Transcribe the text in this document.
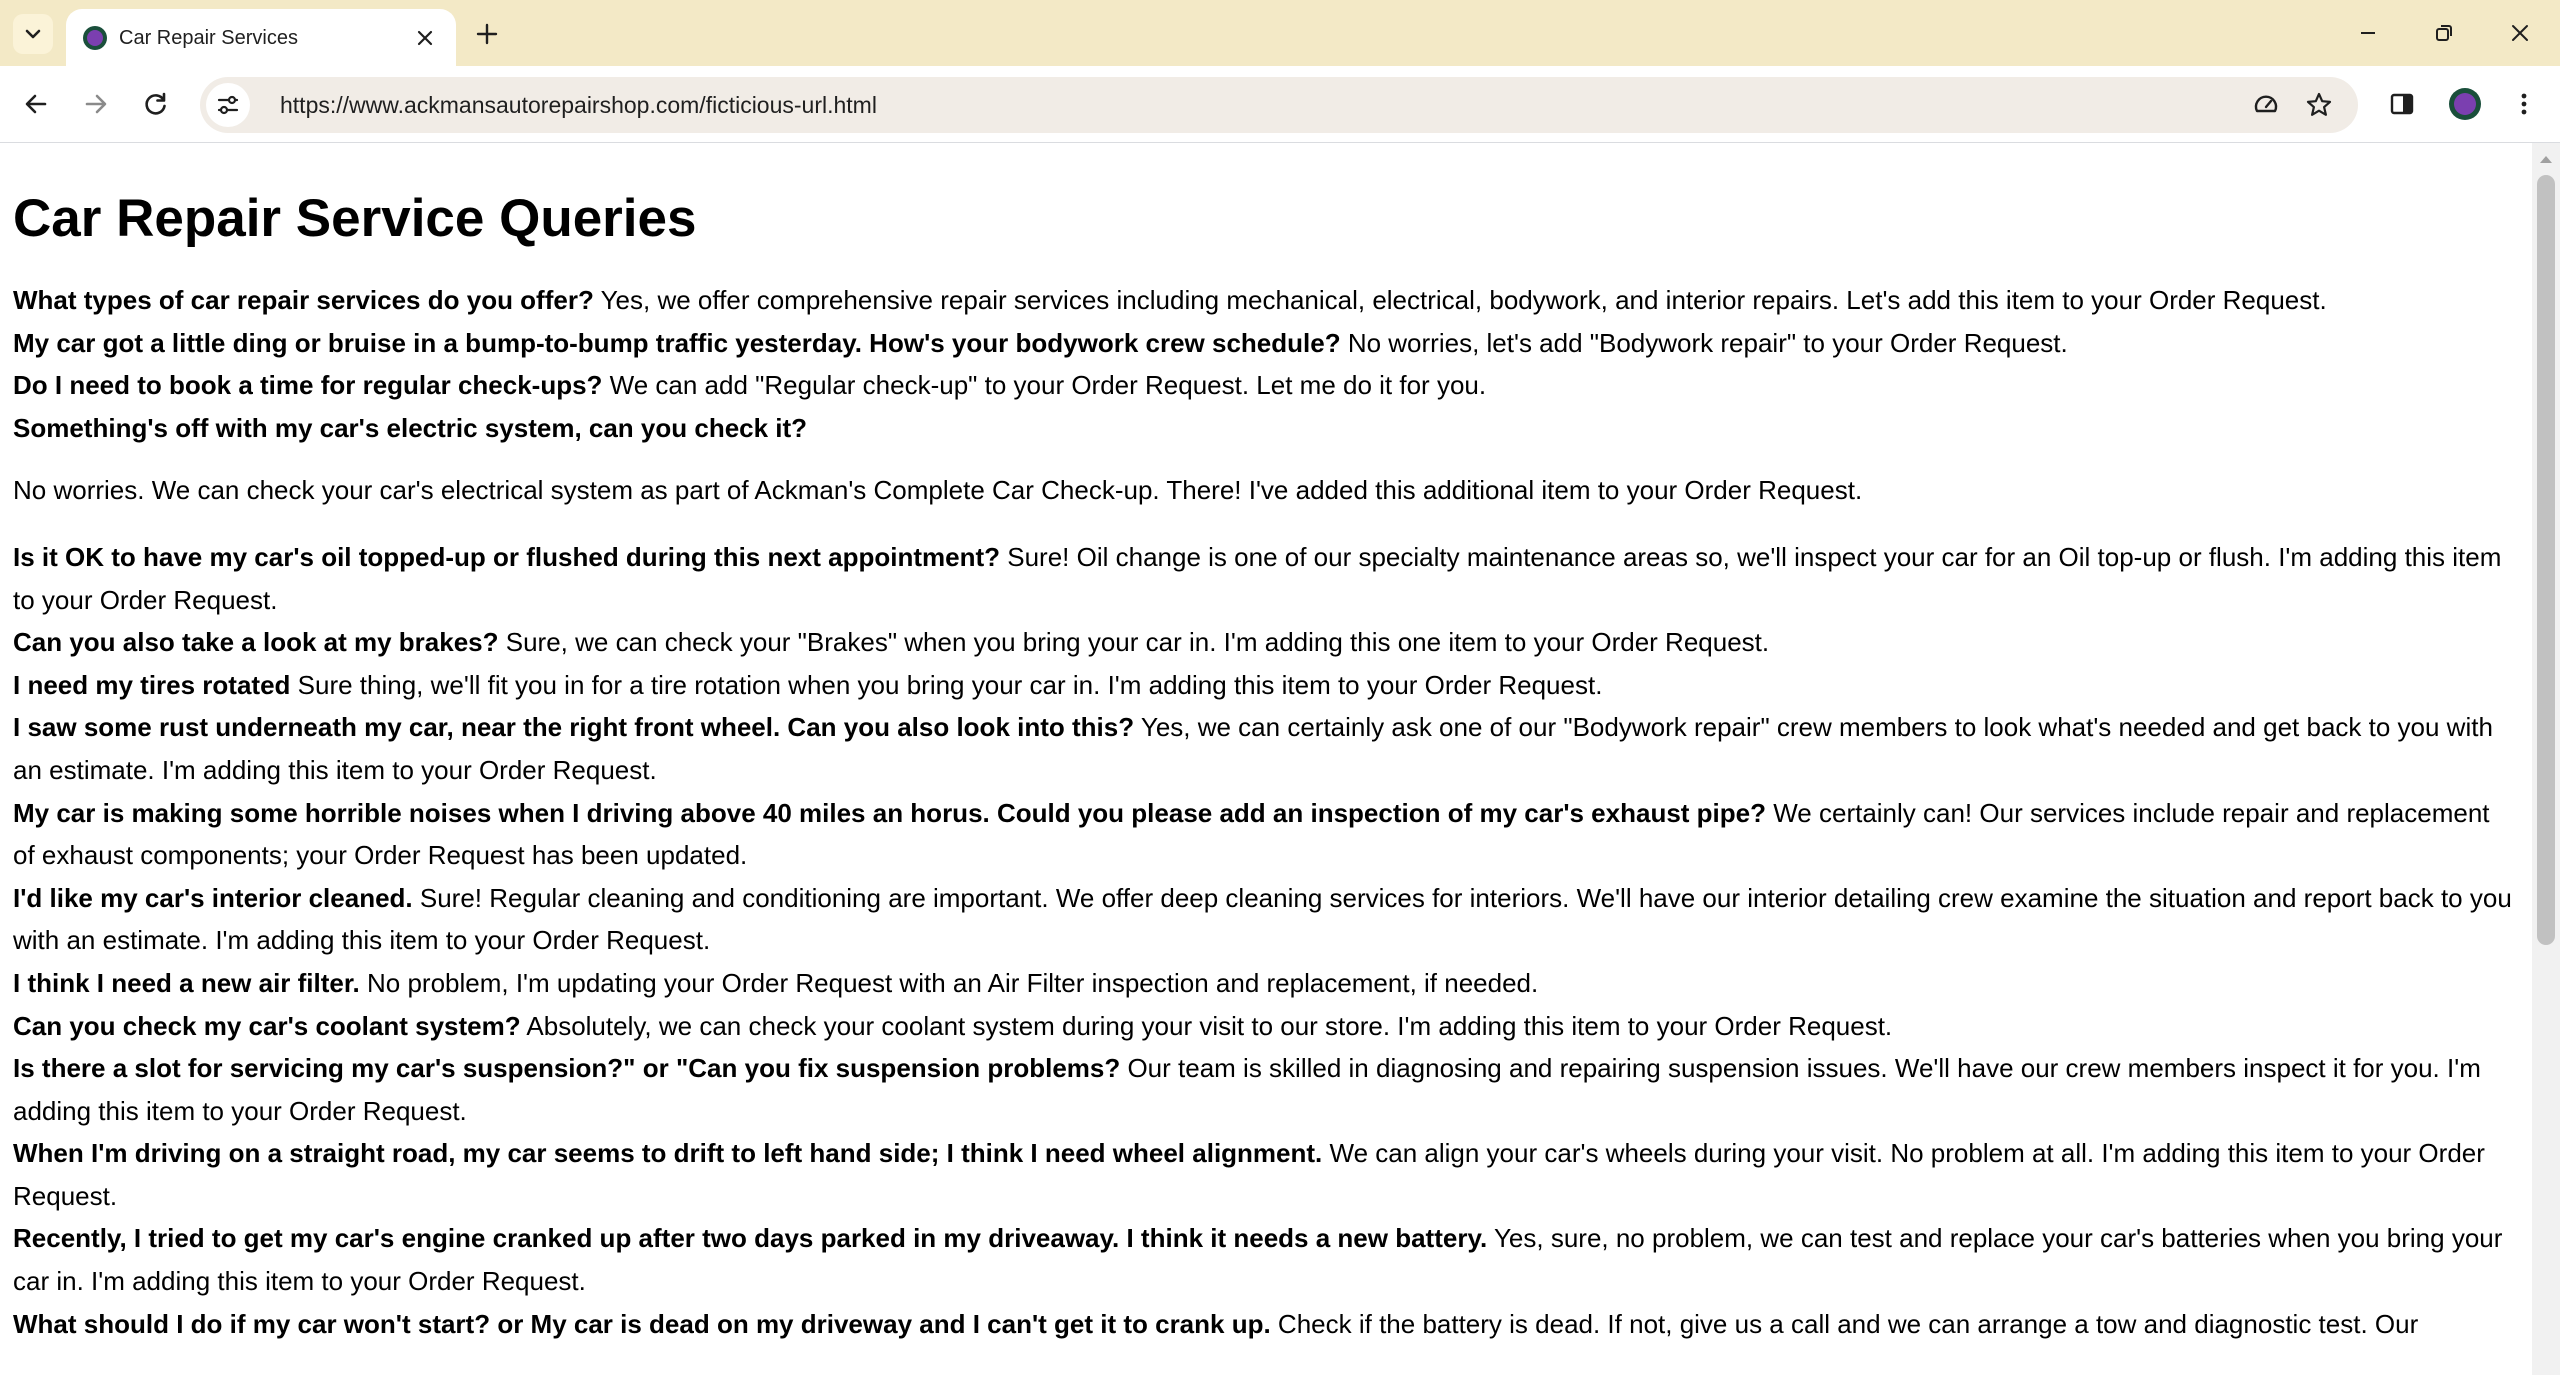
Car Repair Services
https://www.ackmansautorepairshop.com/ficticious-url.html
Car Repair Service Queries

What types of car repair services do you offer? Yes, we offer comprehensive repair services including mechanical, electrical, bodywork, and interior repairs. Let's add this item to your Order Request.

My car got a little ding or bruise in a bump-to-bump traffic yesterday. How's your bodywork crew schedule? No worries, let's add "Bodywork repair" to your Order Request.

Do I need to book a time for regular check-ups? We can add "Regular check-up" to your Order Request. Let me do it for you.

Something's off with my car's electric system, can you check it?

No worries. We can check your car's electrical system as part of Ackman's Complete Car Check-up. There! I've added this additional item to your Order Request.

Is it OK to have my car's oil topped-up or flushed during this next appointment? Sure! Oil change is one of our specialty maintenance areas so, we'll inspect your car for an Oil top-up or flush. I'm adding this item to your Order Request.

Can you also take a look at my brakes? Sure, we can check your "Brakes" when you bring your car in. I'm adding this one item to your Order Request.

I need my tires rotated Sure thing, we'll fit you in for a tire rotation when you bring your car in. I'm adding this item to your Order Request.

I saw some rust underneath my car, near the right front wheel. Can you also look into this? Yes, we can certainly ask one of our "Bodywork repair" crew members to look what's needed and get back to you with an estimate. I'm adding this item to your Order Request.

My car is making some horrible noises when I driving above 40 miles an horus. Could you please add an inspection of my car's exhaust pipe? We certainly can! Our services include repair and replacement of exhaust components; your Order Request has been updated.

I'd like my car's interior cleaned. Sure! Regular cleaning and conditioning are important. We offer deep cleaning services for interiors. We'll have our interior detailing crew examine the situation and report back to you with an estimate. I'm adding this item to your Order Request.

I think I need a new air filter. No problem, I'm updating your Order Request with an Air Filter inspection and replacement, if needed.

Can you check my car's coolant system? Absolutely, we can check your coolant system during your visit to our store. I'm adding this item to your Order Request.

Is there a slot for servicing my car's suspension?" or "Can you fix suspension problems? Our team is skilled in diagnosing and repairing suspension issues. We'll have our crew members inspect it for you. I'm adding this item to your Order Request.

When I'm driving on a straight road, my car seems to drift to left hand side; I think I need wheel alignment. We can align your car's wheels during your visit. No problem at all. I'm adding this item to your Order Request.

Recently, I tried to get my car's engine cranked up after two days parked in my driveaway. I think it needs a new battery. Yes, sure, no problem, we can test and replace your car's batteries when you bring your car in. I'm adding this item to your Order Request.

What should I do if my car won't start? or My car is dead on my driveway and I can't get it to crank up. Check if the battery is dead. If not, give us a call and we can arrange a tow and diagnostic test. Our
